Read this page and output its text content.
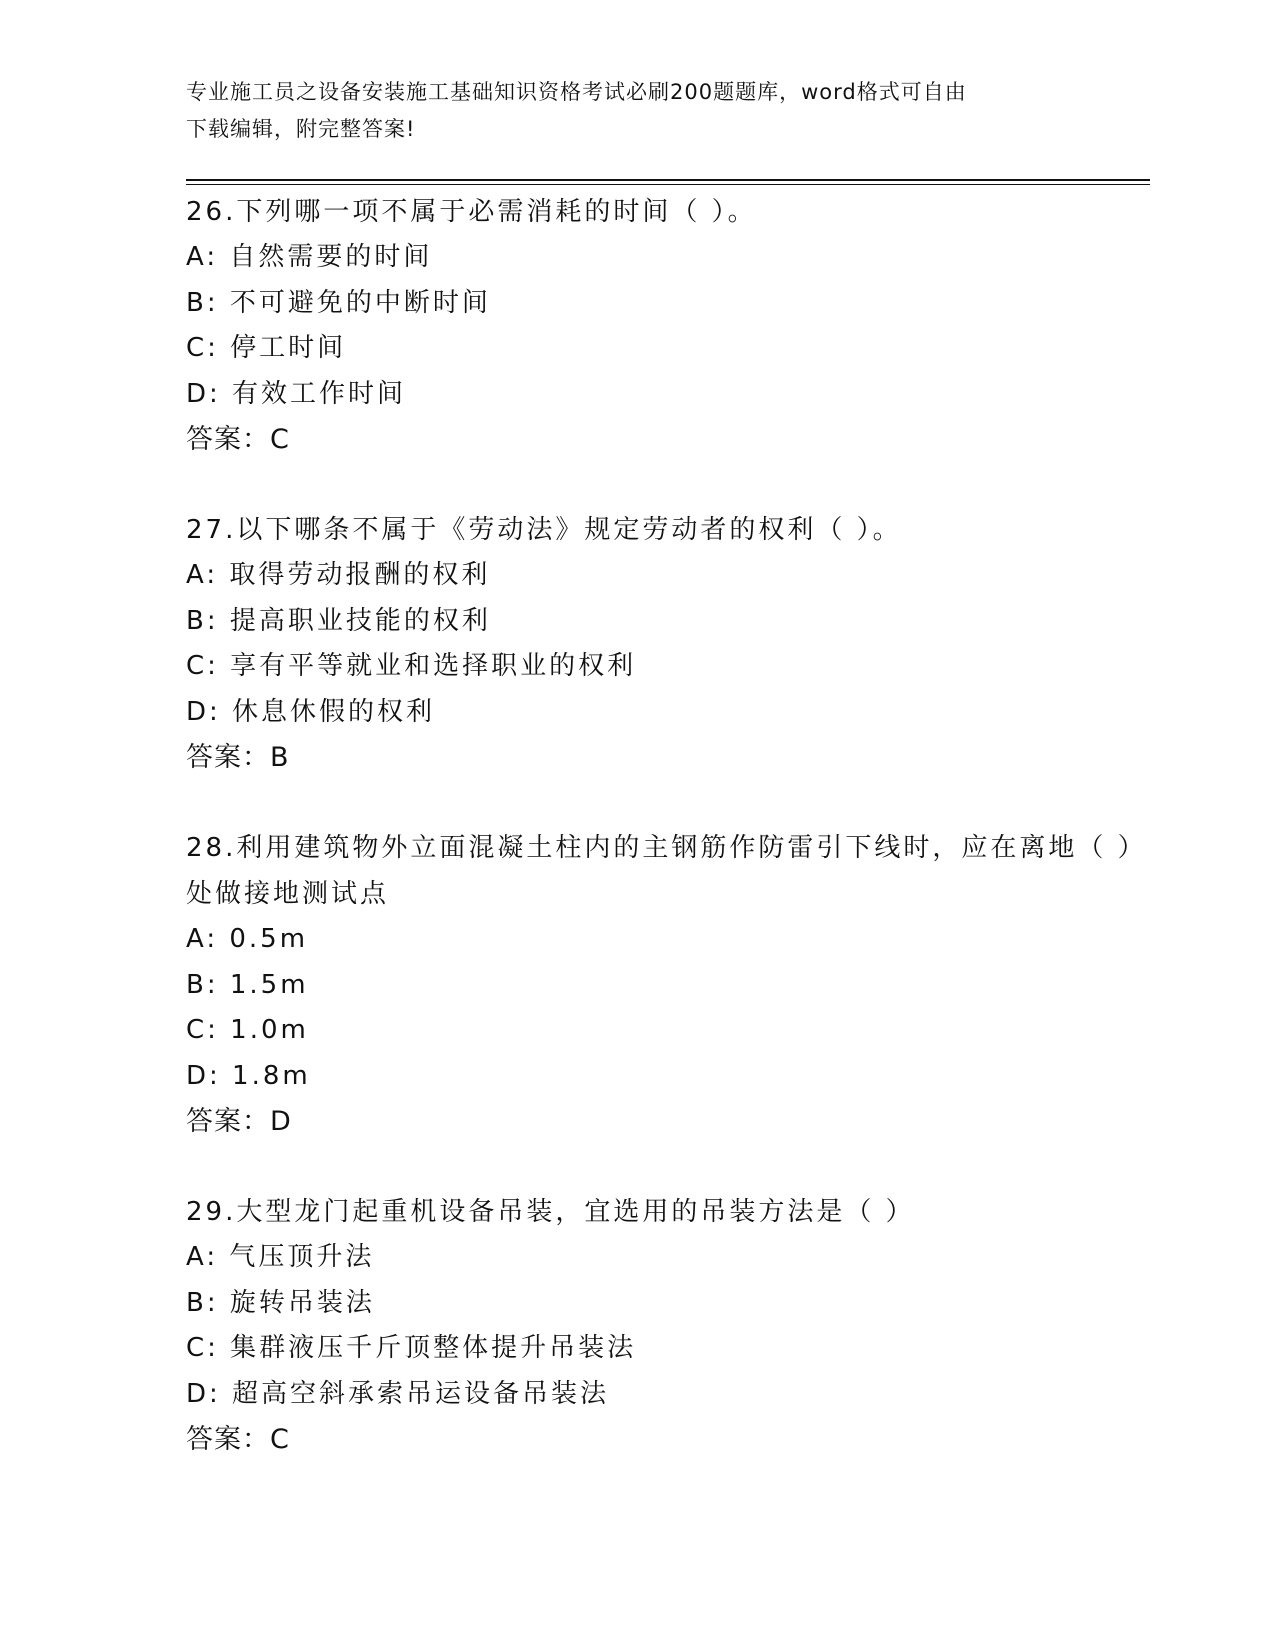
专业施工员之设备安装施工基础知识资格考试必刷200题题库，word格式可自由
下载编辑，附完整答案!
26.下列哪一项不属于必需消耗的时间（ ）。
A: 自然需要的时间
B: 不可避免的中断时间
C: 停工时间
D: 有效工作时间
答案：C
27.以下哪条不属于《劳动法》规定劳动者的权利（ ）。
A: 取得劳动报酬的权利
B: 提高职业技能的权利
C: 享有平等就业和选择职业的权利
D: 休息休假的权利
答案：B
28.利用建筑物外立面混凝土柱内的主钢筋作防雷引下线时，应在离地（ ）处做接地测试点
A: 0.5m
B: 1.5m
C: 1.0m
D: 1.8m
答案：D
29.大型龙门起重机设备吊装，宜选用的吊装方法是（ ）
A: 气压顶升法
B: 旋转吊装法
C: 集群液压千斤顶整体提升吊装法
D: 超高空斜承索吊运设备吊装法
答案：C
